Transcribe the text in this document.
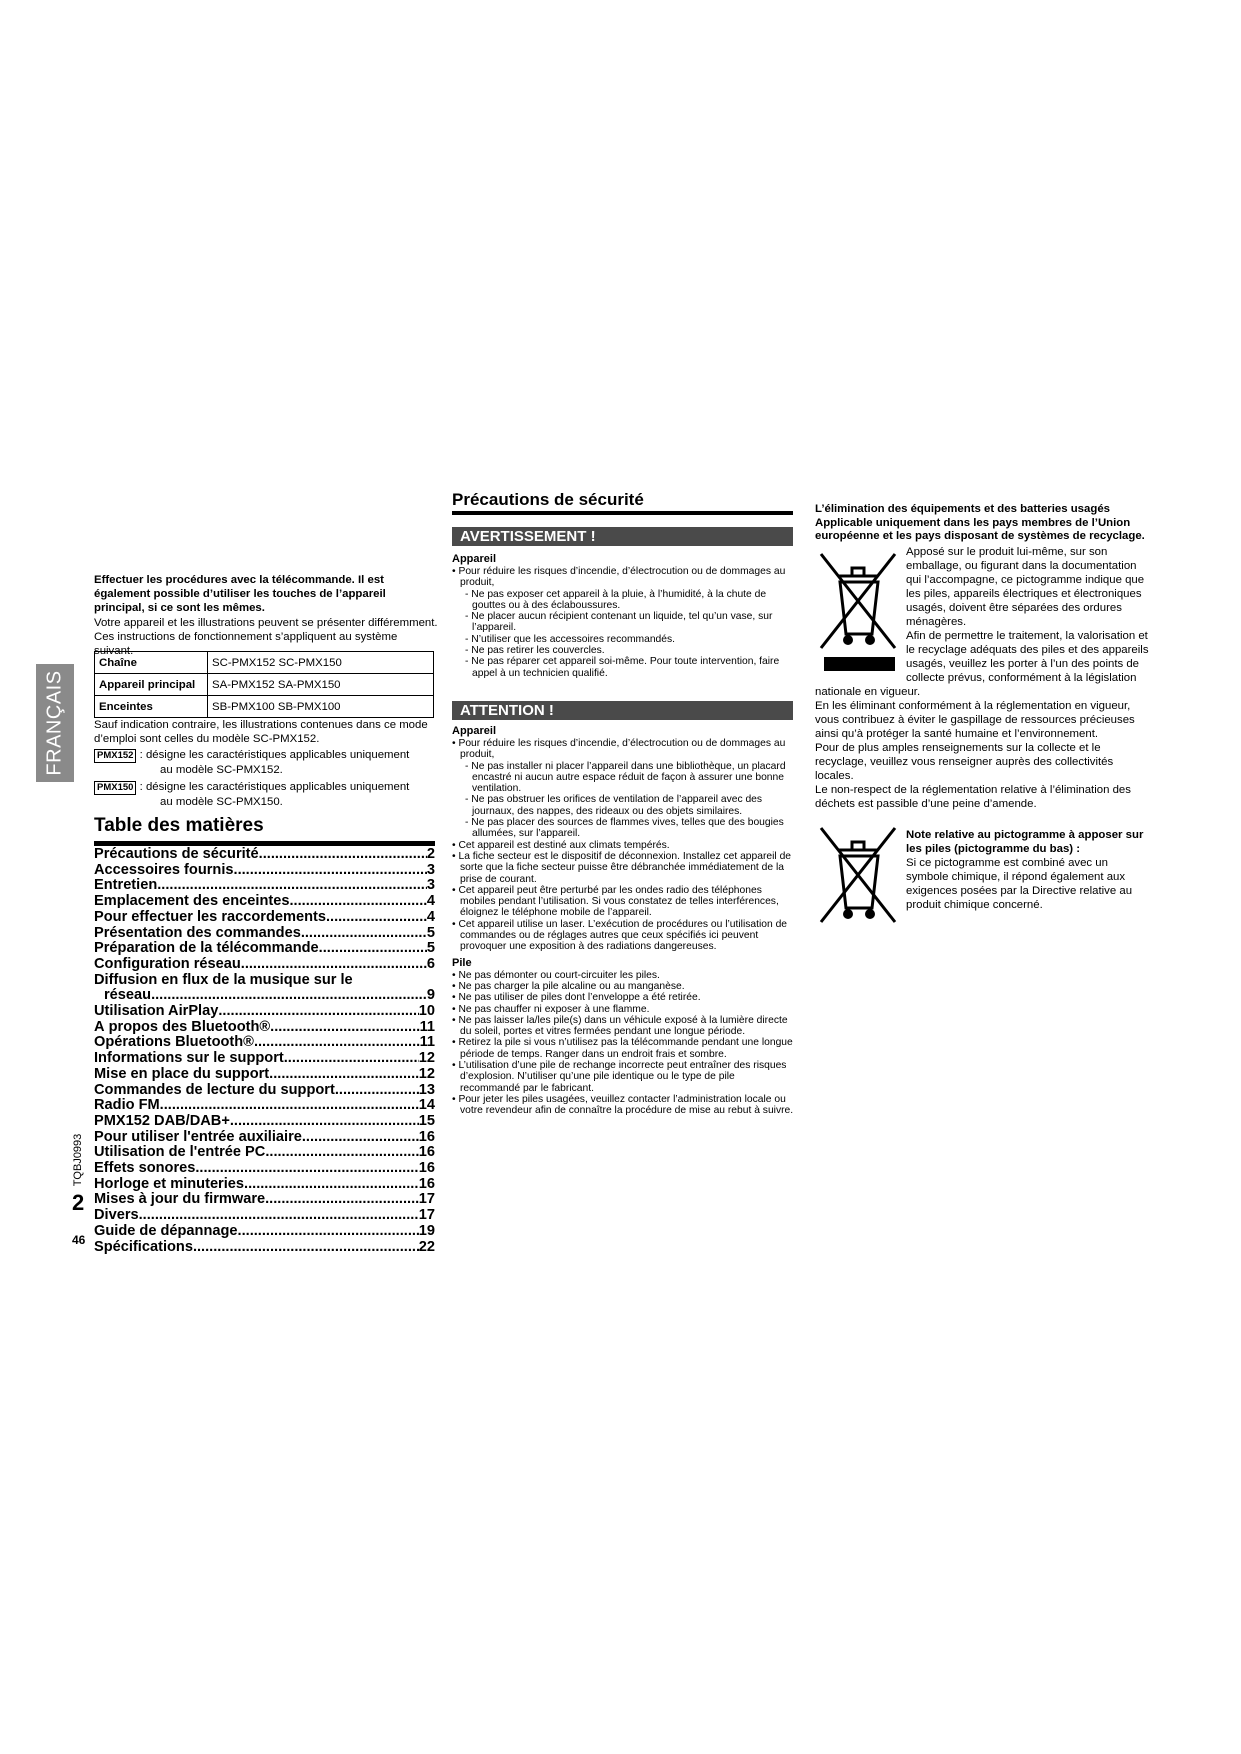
FRANÇAIS
Effectuer les procédures avec la télécommande. Il est
également possible d’utiliser les touches de l’appareil
principal, si ce sont les mêmes.

Votre appareil et les illustrations peuvent se présenter différemment.

Ces instructions de fonctionnement s’appliquent au système suivant.

Chaîne	SC-PMX152 SC-PMX150
Appareil principal	SA-PMX152 SA-PMX150
Enceintes	SB-PMX100 SB-PMX100

Sauf indication contraire, les illustrations contenues dans ce mode

d’emploi sont celles du modèle SC-PMX152.

PMX152 : désigne les caractéristiques applicables uniquement

au modèle SC-PMX152.

PMX150 : désigne les caractéristiques applicables uniquement

au modèle SC-PMX150.

Table des matières
Précautions de sécurité .....	2
Accessoires fournis .....	3
Entretien .....	3
Emplacement des enceintes .....	4
Pour effectuer les raccordements .....	4
Présentation des commandes .....	5
Préparation de la télécommande .....	5
Configuration réseau .....	6
Diffusion en flux de la musique sur le
réseau .....	9
Utilisation AirPlay .....	10
À propos des Bluetooth® .....	11
Opérations Bluetooth® .....	11
Informations sur le support .....	12
Mise en place du support .....	12
Commandes de lecture du support .....	13
Radio FM .....	14
PMX152 DAB/DAB+ .....	15
Pour utiliser l'entrée auxiliaire .....	16
Utilisation de l'entrée PC .....	16
Effets sonores .....	16
Horloge et minuteries .....	16
Mises à jour du firmware .....	17
Divers .....	17
Guide de dépannage .....	19
Spécifications .....	22
TQBJ0993
2
46
Précautions de sécurité
AVERTISSEMENT !
Appareil

• Pour réduire les risques d’incendie, d’électrocution ou de dommages au produit,

- Ne pas exposer cet appareil à la pluie, à l’humidité, à la chute de gouttes ou à des éclaboussures.

- Ne placer aucun récipient contenant un liquide, tel qu’un vase, sur l’appareil.

- N’utiliser que les accessoires recommandés.

- Ne pas retirer les couvercles.

- Ne pas réparer cet appareil soi-même. Pour toute intervention, faire appel à un technicien qualifié.

ATTENTION !
Appareil

• Pour réduire les risques d’incendie, d’électrocution ou de dommages au produit,

- Ne pas installer ni placer l’appareil dans une bibliothèque, un placard encastré ni aucun autre espace réduit de façon à assurer une bonne ventilation.

- Ne pas obstruer les orifices de ventilation de l’appareil avec des journaux, des nappes, des rideaux ou des objets similaires.

- Ne pas placer des sources de flammes vives, telles que des bougies allumées, sur l’appareil.

• Cet appareil est destiné aux climats tempérés.

• La fiche secteur est le dispositif de déconnexion. Installez cet appareil de sorte que la fiche secteur puisse être débranchée immédiatement de la prise de courant.

• Cet appareil peut être perturbé par les ondes radio des téléphones mobiles pendant l’utilisation. Si vous constatez de telles interférences, éloignez le téléphone mobile de l’appareil.

• Cet appareil utilise un laser. L’exécution de procédures ou l’utilisation de commandes ou de réglages autres que ceux spécifiés ici peuvent provoquer une exposition à des radiations dangereuses.

Pile

• Ne pas démonter ou court-circuiter les piles.

• Ne pas charger la pile alcaline ou au manganèse.

• Ne pas utiliser de piles dont l’enveloppe a été retirée.

• Ne pas chauffer ni exposer à une flamme.

• Ne pas laisser la/les pile(s) dans un véhicule exposé à la lumière directe du soleil, portes et vitres fermées pendant une longue période.

• Retirez la pile si vous n’utilisez pas la télécommande pendant une longue période de temps. Ranger dans un endroit frais et sombre.

• L’utilisation d’une pile de rechange incorrecte peut entraîner des risques d’explosion. N’utiliser qu’une pile identique ou le type de pile recommandé par le fabricant.

• Pour jeter les piles usagées, veuillez contacter l’administration locale ou votre revendeur afin de connaître la procédure de mise au rebut à suivre.

L’élimination des équipements et des batteries usagés
Applicable uniquement dans les pays membres de l’Union
européenne et les pays disposant de systèmes de recyclage.

Apposé sur le produit lui-même, sur son

emballage, ou figurant dans la documentation

qui l’accompagne, ce pictogramme indique que

les piles, appareils électriques et électroniques

usagés, doivent être séparées des ordures

ménagères.

Afin de permettre le traitement, la valorisation et

le recyclage adéquats des piles et des appareils

usagés, veuillez les porter à l’un des points de

collecte prévus, conformément à la législation

nationale en vigueur.

En les éliminant conformément à la réglementation en vigueur,

vous contribuez à éviter le gaspillage de ressources précieuses

ainsi qu’à protéger la santé humaine et l’environnement.

Pour de plus amples renseignements sur la collecte et le

recyclage, veuillez vous renseigner auprès des collectivités

locales.

Le non-respect de la réglementation relative à l’élimination des

déchets est passible d’une peine d’amende.

Note relative au pictogramme à apposer sur

les piles (pictogramme du bas) :

Si ce pictogramme est combiné avec un

symbole chimique, il répond également aux

exigences posées par la Directive relative au

produit chimique concerné.
